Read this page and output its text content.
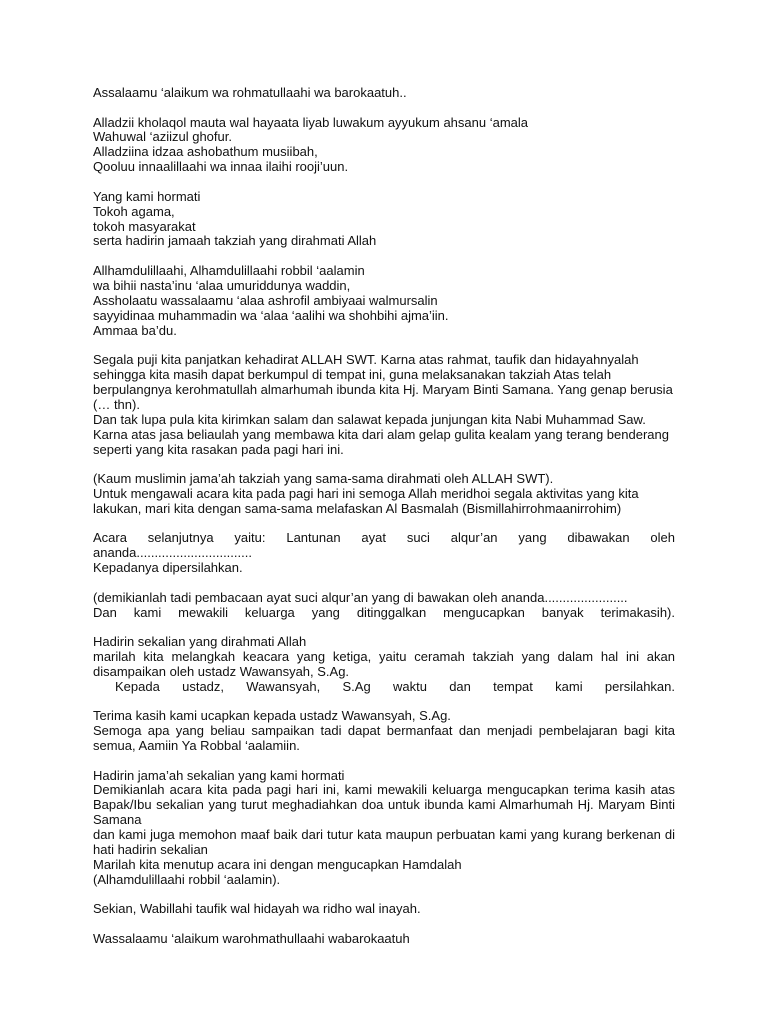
Assalaamu ‘alaikum wa rohmatullaahi wa barokaatuh..
Alladzii kholaqol mauta wal hayaata liyab luwakum ayyukum ahsanu ‘amala
Wahuwal ‘aziizul ghofur.
Alladziina idzaa ashobathum musiibah,
Qooluu innaalillaahi wa innaa ilaihi rooji’uun.
Yang kami hormati
Tokoh agama,
tokoh masyarakat
serta hadirin jamaah takziah yang dirahmati Allah
Allhamdulillaahi, Alhamdulillaahi robbil ‘aalamin
wa bihii nasta’inu ‘alaa umuriddunya waddin,
Assholaatu wassalaamu ‘alaa ashrofil ambiyaai walmursalin
sayyidinaa muhammadin wa ‘alaa ‘aalihi wa shohbihi ajma’iin.
Ammaa ba’du.
Segala puji kita panjatkan kehadirat ALLAH SWT. Karna atas rahmat, taufik dan hidayahnyalah
sehingga kita masih dapat berkumpul di tempat ini, guna melaksanakan takziah Atas telah
berpulangnya kerohmatullah almarhumah ibunda kita Hj. Maryam Binti Samana. Yang genap berusia
(… thn).
Dan tak lupa pula kita kirimkan salam dan salawat kepada junjungan kita Nabi Muhammad Saw.
Karna atas jasa beliaulah yang membawa kita dari alam gelap gulita kealam yang terang benderang
seperti yang kita rasakan pada pagi hari ini.
(Kaum muslimin jama’ah takziah yang sama-sama dirahmati oleh ALLAH SWT).
Untuk mengawali acara kita pada pagi hari ini semoga Allah meridhoi segala aktivitas yang kita
lakukan, mari kita dengan sama-sama melafaskan Al Basmalah (Bismillahirrohmaanirrohim)
Acara selanjutnya yaitu: Lantunan ayat suci alqur’an yang dibawakan oleh
ananda................................
Kepadanya dipersilahkan.
(demikianlah tadi pembacaan ayat suci alqur’an yang di bawakan oleh ananda.......................
Dan kami mewakili keluarga yang ditinggalkan mengucapkan banyak terimakasih).
Hadirin sekalian yang dirahmati Allah
marilah kita melangkah keacara yang ketiga, yaitu ceramah takziah yang dalam hal ini akan
disampaikan oleh ustadz Wawansyah, S.Ag.
Kepada ustadz, Wawansyah, S.Ag waktu dan tempat kami persilahkan.
Terima kasih kami ucapkan kepada ustadz Wawansyah, S.Ag.
Semoga apa yang beliau sampaikan tadi dapat bermanfaat dan menjadi pembelajaran bagi kita
semua, Aamiin Ya Robbal ‘aalamiin.
Hadirin jama’ah sekalian yang kami hormati
Demikianlah acara kita pada pagi hari ini, kami mewakili keluarga mengucapkan terima kasih atas
Bapak/Ibu sekalian yang turut meghadiahkan doa untuk ibunda kami Almarhumah Hj. Maryam Binti
Samana
dan kami juga memohon maaf baik dari tutur kata maupun perbuatan kami yang kurang berkenan di
hati hadirin sekalian
Marilah kita menutup acara ini dengan mengucapkan Hamdalah
(Alhamdulillaahi robbil ‘aalamin).
Sekian, Wabillahi taufik wal hidayah wa ridho wal inayah.
Wassalaamu ‘alaikum warohmathullaahi wabarokaatuh
